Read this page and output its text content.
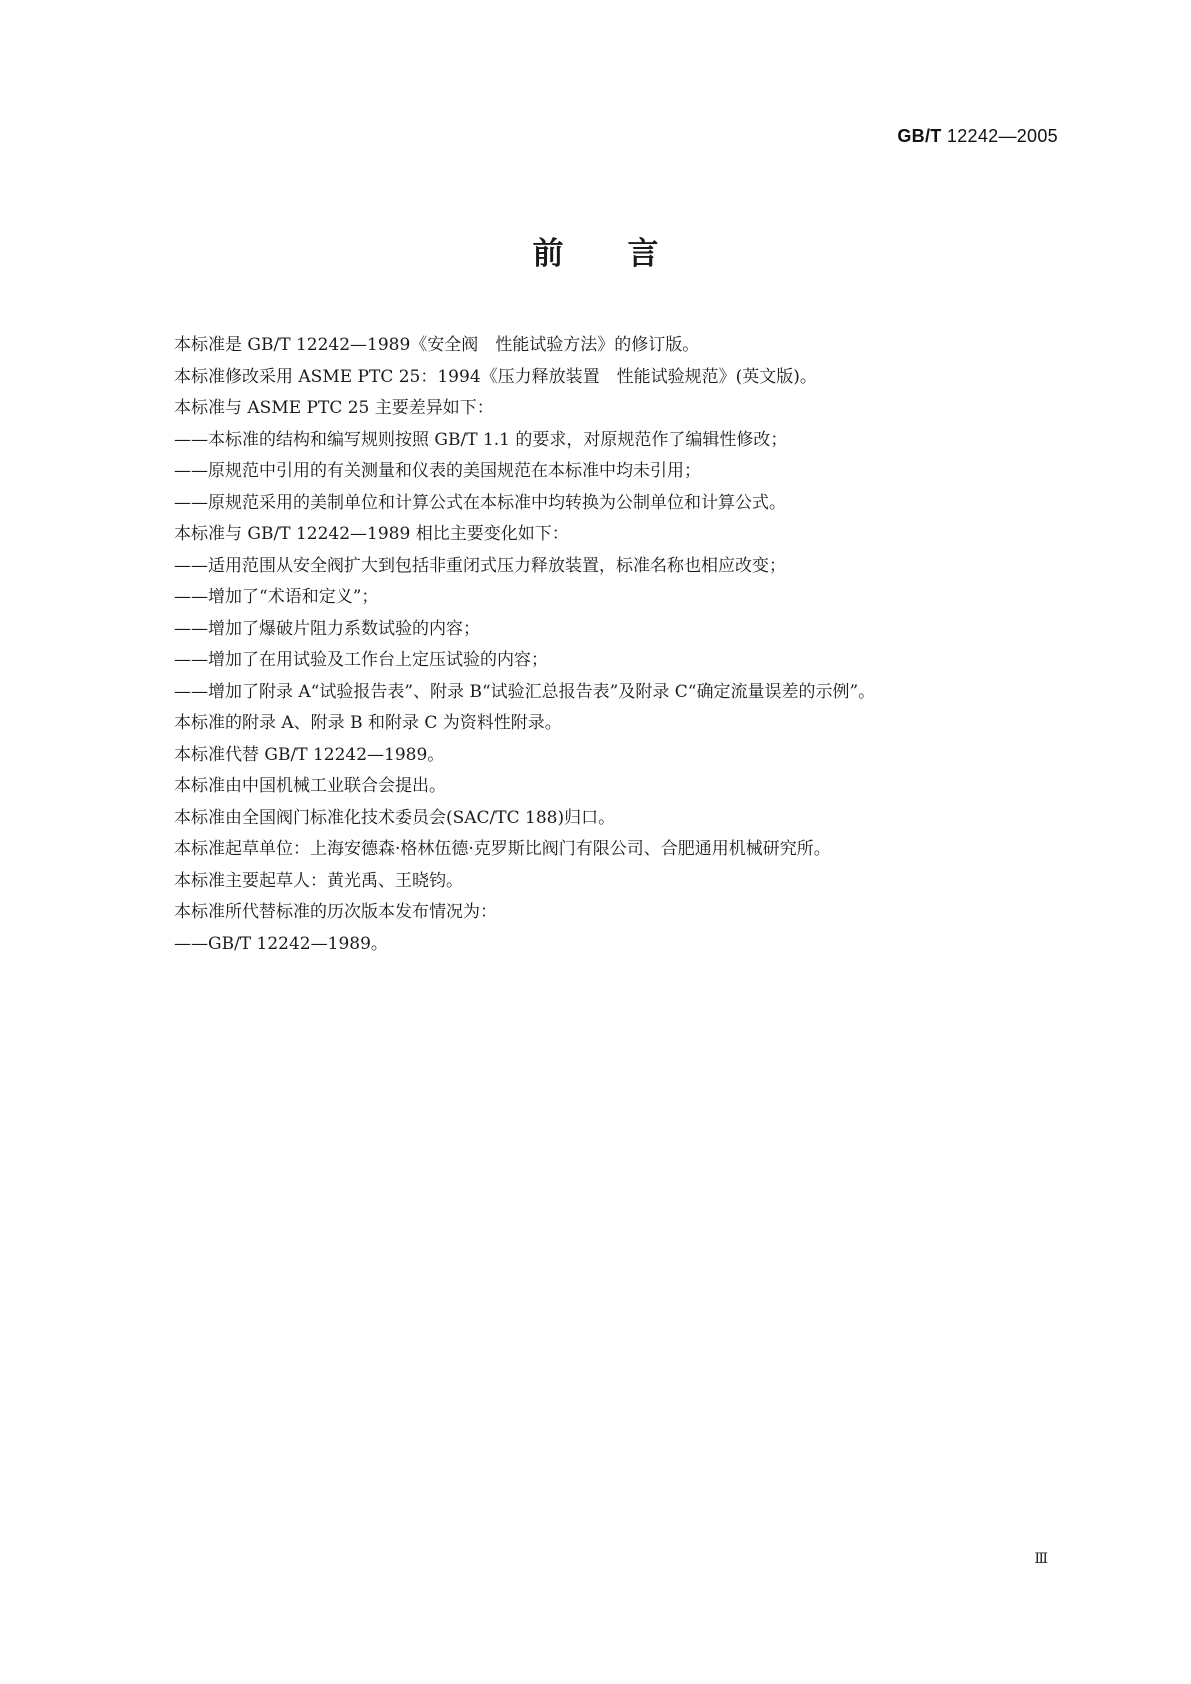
GB/T 12242—2005
前 言
本标准是 GB/T 12242—1989《安全阀　性能试验方法》的修订版。
本标准修改采用 ASME PTC 25：1994《压力释放装置　性能试验规范》(英文版)。
本标准与 ASME PTC 25 主要差异如下：
——本标准的结构和编写规则按照 GB/T 1.1 的要求，对原规范作了编辑性修改；
——原规范中引用的有关测量和仪表的美国规范在本标准中均未引用；
——原规范采用的美制单位和计算公式在本标准中均转换为公制单位和计算公式。
本标准与 GB/T 12242—1989 相比主要变化如下：
——适用范围从安全阀扩大到包括非重闭式压力释放装置，标准名称也相应改变；
——增加了“术语和定义”；
——增加了爆破片阻力系数试验的内容；
——增加了在用试验及工作台上定压试验的内容；
——增加了附录 A“试验报告表”、附录 B“试验汇总报告表”及附录 C“确定流量误差的示例”。
本标准的附录 A、附录 B 和附录 C 为资料性附录。
本标准代替 GB/T 12242—1989。
本标准由中国机械工业联合会提出。
本标准由全国阀门标准化技术委员会(SAC/TC 188)归口。
本标准起草单位：上海安德森·格林伍德·克罗斯比阀门有限公司、合肥通用机械研究所。
本标准主要起草人：黄光禹、王晓钧。
本标准所代替标准的历次版本发布情况为：
——GB/T 12242—1989。
Ⅲ
